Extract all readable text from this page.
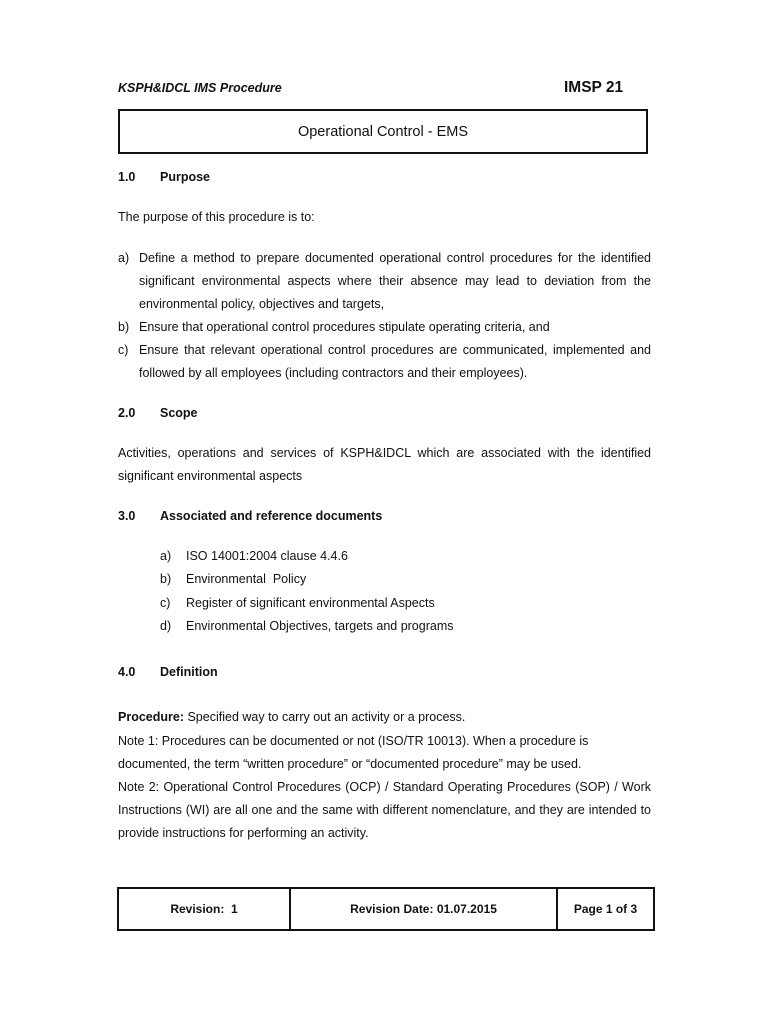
KSPH&IDCL IMS Procedure	IMSP 21
Operational Control - EMS
1.0 Purpose
The purpose of this procedure is to:
a) Define a method to prepare documented operational control procedures for the identified significant environmental aspects where their absence may lead to deviation from the environmental policy, objectives and targets,
b) Ensure that operational control procedures stipulate operating criteria, and
c) Ensure that relevant operational control procedures are communicated, implemented and followed by all employees (including contractors and their employees).
2.0 Scope
Activities, operations and services of KSPH&IDCL which are associated with the identified significant environmental aspects
3.0 Associated and reference documents
a) ISO 14001:2004 clause 4.4.6
b) Environmental  Policy
c) Register of significant environmental Aspects
d) Environmental Objectives, targets and programs
4.0 Definition
Procedure: Specified way to carry out an activity or a process.
Note 1: Procedures can be documented or not (ISO/TR 10013). When a procedure is documented, the term “written procedure” or “documented procedure” may be used.
Note 2: Operational Control Procedures (OCP) / Standard Operating Procedures (SOP) / Work Instructions (WI) are all one and the same with different nomenclature, and they are intended to provide instructions for performing an activity.
Revision:  1	Revision Date: 01.07.2015	Page 1 of 3
